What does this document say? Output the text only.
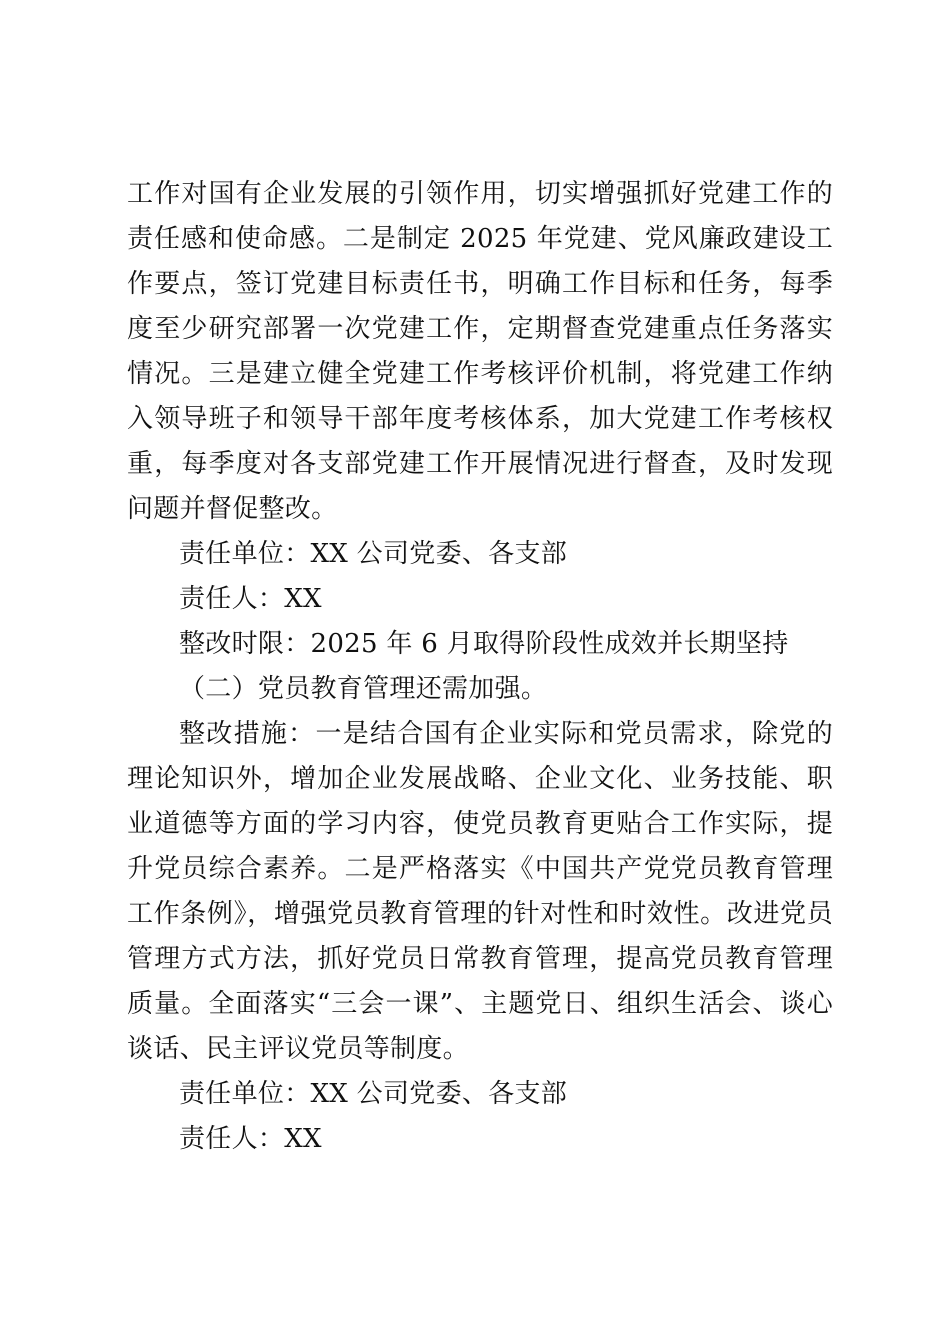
工作对国有企业发展的引领作用，切实增强抓好党建工作的责任感和使命感。二是制定 2025 年党建、党风廉政建设工作要点，签订党建目标责任书，明确工作目标和任务，每季度至少研究部署一次党建工作，定期督查党建重点任务落实情况。三是建立健全党建工作考核评价机制，将党建工作纳入领导班子和领导干部年度考核体系，加大党建工作考核权重，每季度对各支部党建工作开展情况进行督查，及时发现问题并督促整改。

责任单位：XX 公司党委、各支部

责任人：XX

整改时限：2025 年 6 月取得阶段性成效并长期坚持

（二）党员教育管理还需加强。

整改措施：一是结合国有企业实际和党员需求，除党的理论知识外，增加企业发展战略、企业文化、业务技能、职业道德等方面的学习内容，使党员教育更贴合工作实际，提升党员综合素养。二是严格落实《中国共产党党员教育管理工作条例》，增强党员教育管理的针对性和时效性。改进党员管理方式方法，抓好党员日常教育管理，提高党员教育管理质量。全面落实“三会一课”、主题党日、组织生活会、谈心谈话、民主评议党员等制度。

责任单位：XX 公司党委、各支部

责任人：XX
